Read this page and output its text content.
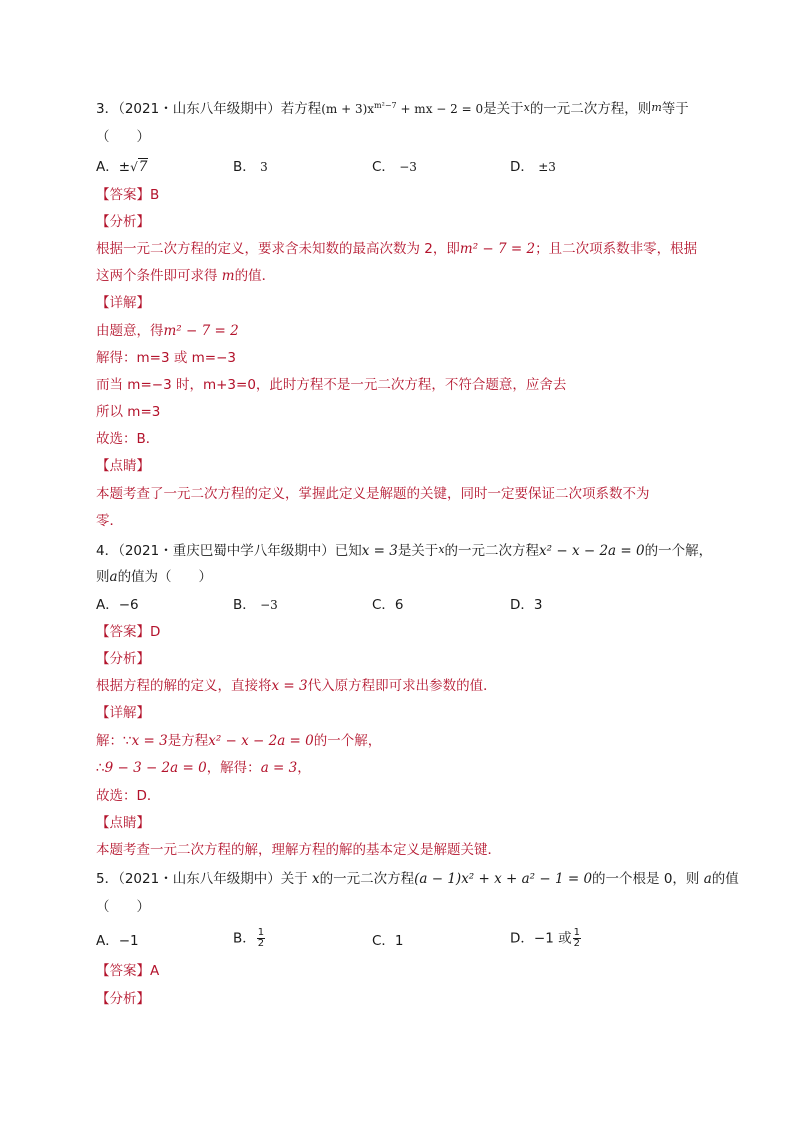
3．（2021・山东八年级期中）若方程$(m + 3)x^{m^2-7}$ + mx − 2 = 0是关于x的一元二次方程，则m等于
（　　）
A．±√7	B． 3	C． −3	D． ±3
【答案】B
【分析】
根据一元二次方程的定义，要求含未知数的最高次数为 2，即m² − 7 = 2；且二次项系数非零，根据
这两个条件即可求得 m的值．
【详解】
由题意，得m² − 7 = 2
解得：m=3 或 m=−3
而当 m=−3 时，m+3=0，此时方程不是一元二次方程，不符合题意，应舍去
所以 m=3
故选：B．
【点睛】
本题考查了一元二次方程的定义，掌握此定义是解题的关键，同时一定要保证二次项系数不为
零．
4．（2021・重庆巴蜀中学八年级期中）已知x = 3是关于x的一元二次方程x² − x − 2a = 0的一个解，
则a的值为（　　）
A．−6	B． −3	C．6	D．3
【答案】D
【分析】
根据方程的解的定义，直接将x = 3代入原方程即可求出参数的值．
【详解】
解：∵x = 3是方程x² − x − 2a = 0的一个解，
∴9 − 3 − 2a = 0，解得：a = 3，
故选：D．
【点睛】
本题考查一元二次方程的解，理解方程的解的基本定义是解题关键．
5．（2021・山东八年级期中）关于 x的一元二次方程(a − 1)x² + x + a² − 1 = 0的一个根是 0，则 a的值
（　　）
A．−1	B． $\frac{1}{2}$	C．1	D．−1 或 $\frac{1}{2}$
【答案】A
【分析】
